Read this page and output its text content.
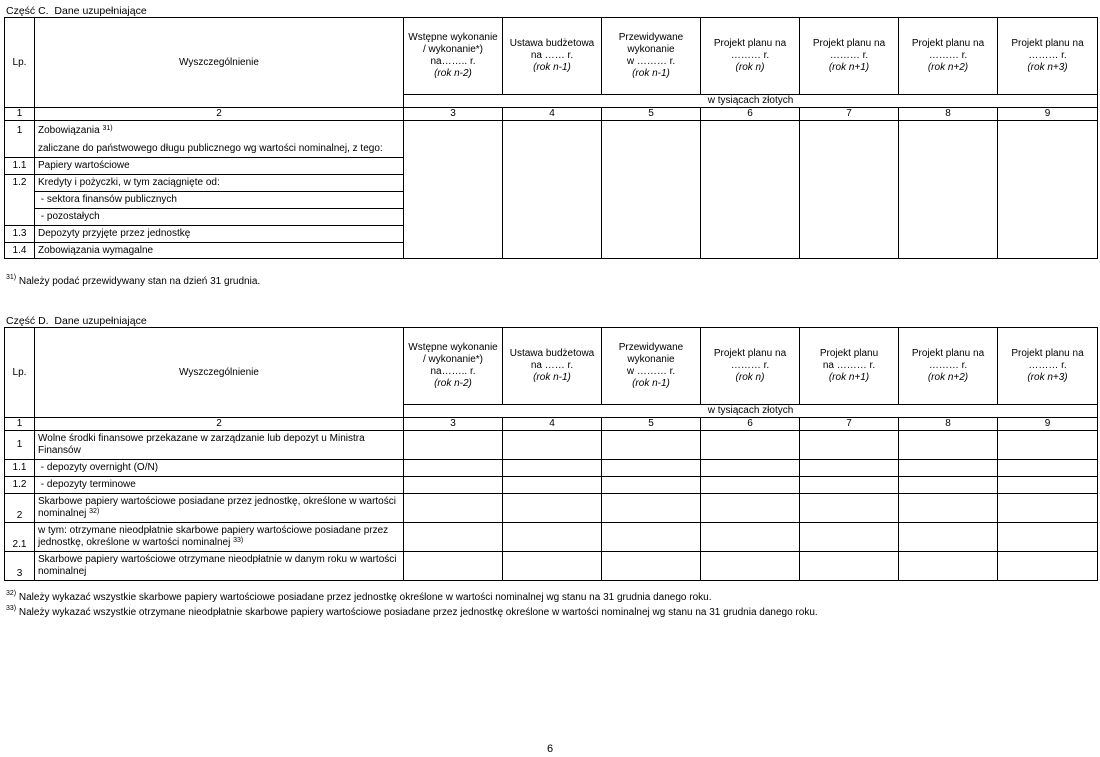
Część C.  Dane uzupełniające
Lp.	Wyszczególnienie	Wstępne wykonanie
/ wykonanie*)
na…….. r.
(rok n-2)	Ustawa budżetowa
na …… r.
(rok n-1)	Przewidywane
wykonanie
w ……… r.
(rok n-1)	Projekt planu na
……… r.
(rok n)	Projekt planu na
……… r.
(rok n+1)	Projekt planu na
……… r.
(rok n+2)	Projekt planu na
……… r.
(rok n+3)
		w tysiącach złotych						
1	2	3	4	5	6	7	8	9
1	Zobowiązania $^{31)}$							
	zaliczane do państwowego długu publicznego wg wartości nominalnej, z tego:							
1.1	Papiery wartościowe							
1.2	Kredyty i pożyczki, w tym zaciągnięte od:							
	- sektora finansów publicznych							
	- pozostałych							
1.3	Depozyty przyjęte przez jednostkę							
1.4	Zobowiązania wymagalne							
$^{31)}$ Należy podać przewidywany stan na dzień 31 grudnia.
Część D.  Dane uzupełniające
Lp.	Wyszczególnienie	Wstępne wykonanie
/ wykonanie*)
na…….. r.
(rok n-2)	Ustawa budżetowa
na …… r.
(rok n-1)	Przewidywane
wykonanie
w ……… r.
(rok n-1)	Projekt planu na
……… r.
(rok n)	Projekt planu
na ……… r.
(rok n+1)	Projekt planu na
……… r.
(rok n+2)	Projekt planu na
……… r.
(rok n+3)
		w tysiącach złotych						
1	2	3	4	5	6	7	8	9
1	Wolne środki finansowe przekazane w zarządzanie lub depozyt u Ministra
Finansów							
1.1	- depozyty overnight (O/N)							
1.2	- depozyty terminowe							
2	Skarbowe papiery wartościowe posiadane przez jednostkę, określone w wartości
nominalnej $^{32)}$							
2.1	w tym: otrzymane nieodpłatnie skarbowe papiery wartościowe posiadane przez
jednostkę, określone w wartości nominalnej $^{33)}$							
3	Skarbowe papiery wartościowe otrzymane nieodpłatnie w danym roku w wartości
nominalnej							
$^{32)}$ Należy wykazać wszystkie skarbowe papiery wartościowe posiadane przez jednostkę określone w wartości nominalnej wg stanu na 31 grudnia danego roku.
$^{33)}$ Należy wykazać wszystkie otrzymane nieodpłatnie skarbowe papiery wartościowe posiadane przez jednostkę określone w wartości nominalnej wg stanu na 31 grudnia danego roku.
6
